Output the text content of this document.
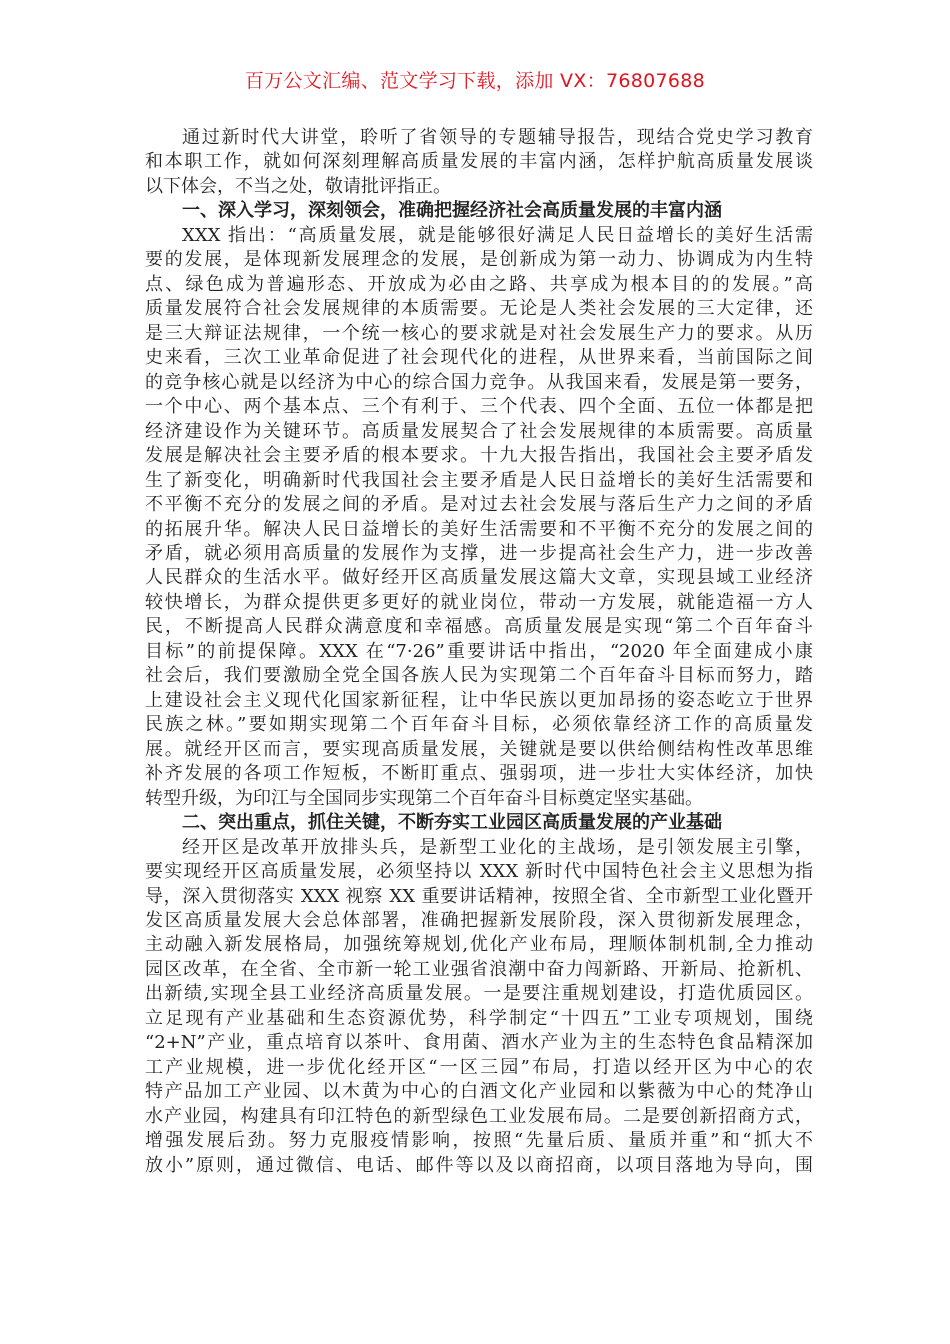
百万公文汇编、范文学习下载，添加 VX：76807688
通过新时代大讲堂，聆听了省领导的专题辅导报告，现结合党史学习教育
和本职工作，就如何深刻理解高质量发展的丰富内涵，怎样护航高质量发展谈
以下体会，不当之处，敬请批评指正。
一、深入学习，深刻领会，准确把握经济社会高质量发展的丰富内涵
XXX 指出：“高质量发展，就是能够很好满足人民日益增长的美好生活需
要的发展，是体现新发展理念的发展，是创新成为第一动力、协调成为内生特
点、绿色成为普遍形态、开放成为必由之路、共享成为根本目的的发展。”高
质量发展符合社会发展规律的本质需要。无论是人类社会发展的三大定律，还
是三大辩证法规律，一个统一核心的要求就是对社会发展生产力的要求。从历
史来看，三次工业革命促进了社会现代化的进程，从世界来看，当前国际之间
的竞争核心就是以经济为中心的综合国力竞争。从我国来看，发展是第一要务，
一个中心、两个基本点、三个有利于、三个代表、四个全面、五位一体都是把
经济建设作为关键环节。高质量发展契合了社会发展规律的本质需要。高质量
发展是解决社会主要矛盾的根本要求。十九大报告指出，我国社会主要矛盾发
生了新变化，明确新时代我国社会主要矛盾是人民日益增长的美好生活需要和
不平衡不充分的发展之间的矛盾。是对过去社会发展与落后生产力之间的矛盾
的拓展升华。解决人民日益增长的美好生活需要和不平衡不充分的发展之间的
矛盾，就必须用高质量的发展作为支撑，进一步提高社会生产力，进一步改善
人民群众的生活水平。做好经开区高质量发展这篇大文章，实现县域工业经济
较快增长，为群众提供更多更好的就业岗位，带动一方发展，就能造福一方人
民，不断提高人民群众满意度和幸福感。高质量发展是实现“第二个百年奋斗
目标”的前提保障。XXX 在“7·26”重要讲话中指出，“2020 年全面建成小康
社会后，我们要激励全党全国各族人民为实现第二个百年奋斗目标而努力，踏
上建设社会主义现代化国家新征程，让中华民族以更加昂扬的姿态屹立于世界
民族之林。”要如期实现第二个百年奋斗目标，必须依靠经济工作的高质量发
展。就经开区而言，要实现高质量发展，关键就是要以供给侧结构性改革思维
补齐发展的各项工作短板，不断盯重点、强弱项，进一步壮大实体经济，加快
转型升级，为印江与全国同步实现第二个百年奋斗目标奠定坚实基础。
二、突出重点，抓住关键，不断夯实工业园区高质量发展的产业基础
经开区是改革开放排头兵，是新型工业化的主战场，是引领发展主引擎，
要实现经开区高质量发展，必须坚持以 XXX 新时代中国特色社会主义思想为指
导，深入贯彻落实 XXX 视察 XX 重要讲话精神，按照全省、全市新型工业化暨开
发区高质量发展大会总体部署，准确把握新发展阶段，深入贯彻新发展理念，
主动融入新发展格局，加强统筹规划,优化产业布局，理顺体制机制,全力推动
园区改革，在全省、全市新一轮工业强省浪潮中奋力闯新路、开新局、抢新机、
出新绩,实现全县工业经济高质量发展。一是要注重规划建设，打造优质园区。
立足现有产业基础和生态资源优势，科学制定“十四五”工业专项规划，围绕
“2+N”产业，重点培育以茶叶、食用菌、酒水产业为主的生态特色食品精深加
工产业规模，进一步优化经开区“一区三园”布局，打造以经开区为中心的农
特产品加工产业园、以木黄为中心的白酒文化产业园和以紫薇为中心的梵净山
水产业园，构建具有印江特色的新型绿色工业发展布局。二是要创新招商方式，
增强发展后劲。努力克服疫情影响，按照“先量后质、量质并重”和“抓大不
放小”原则，通过微信、电话、邮件等以及以商招商，以项目落地为导向，围
